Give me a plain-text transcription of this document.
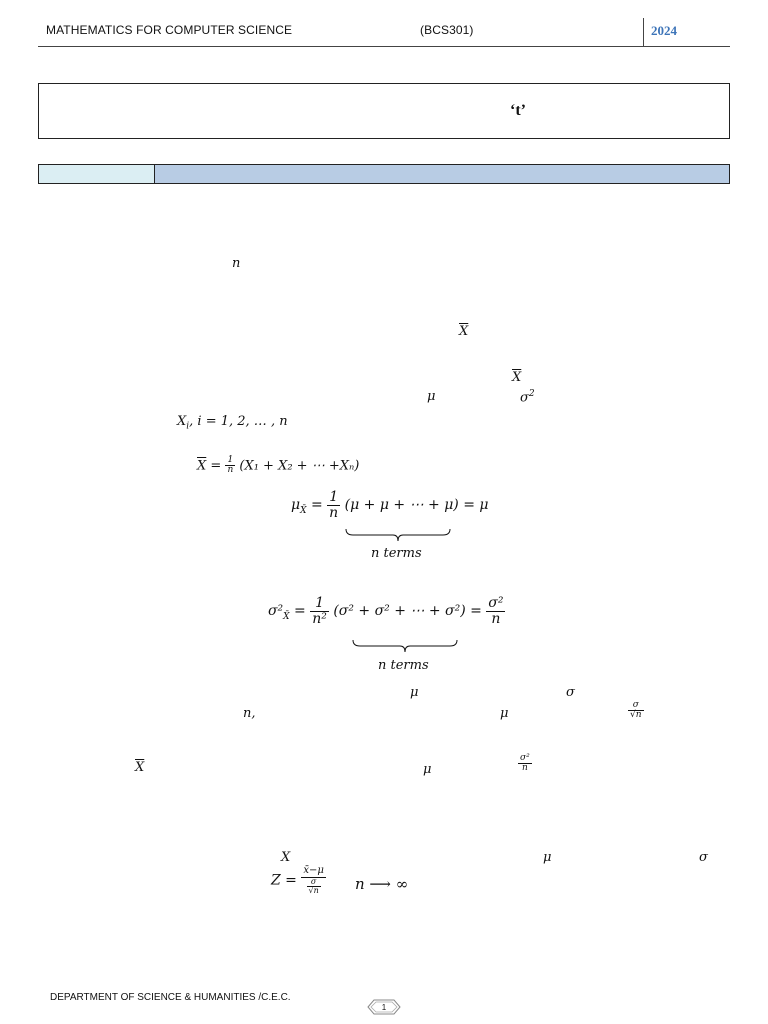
MATHEMATICS FOR COMPUTER SCIENCE	(BCS301)	2024
‘t’
n
$\overline{X}$
$\overline{X}$
μ	$\sigma^2$
$X_i$, i = 1, 2, … , n
$\overline{X} = \frac{1}{n} (X_1 + X_2$ + ⋯ +Xₙ)
$\mu_{X̄} = \frac{1}{n} (\mu + \mu$ + ⋯ + μ) = μ
n terms
$\sigma^2_{X̄} = \frac{1}{\text{n²}} (\sigma^2 + \sigma^2$ + ⋯ + $\sigma^2) = \frac{\text{σ²}}{n}$
n terms
μ	σ
n,	μ	$\frac{\sigma}{√n}$
$\overline{X}$	μ	$\frac{\text{σ²}}{n}$
X	μ	σ
$Z = \frac{x̄-\mu}{\frac{\sigma}{√n}}$ n ⟶ ∞
DEPARTMENT OF SCIENCE & HUMANITIES /C.E.C.
1
